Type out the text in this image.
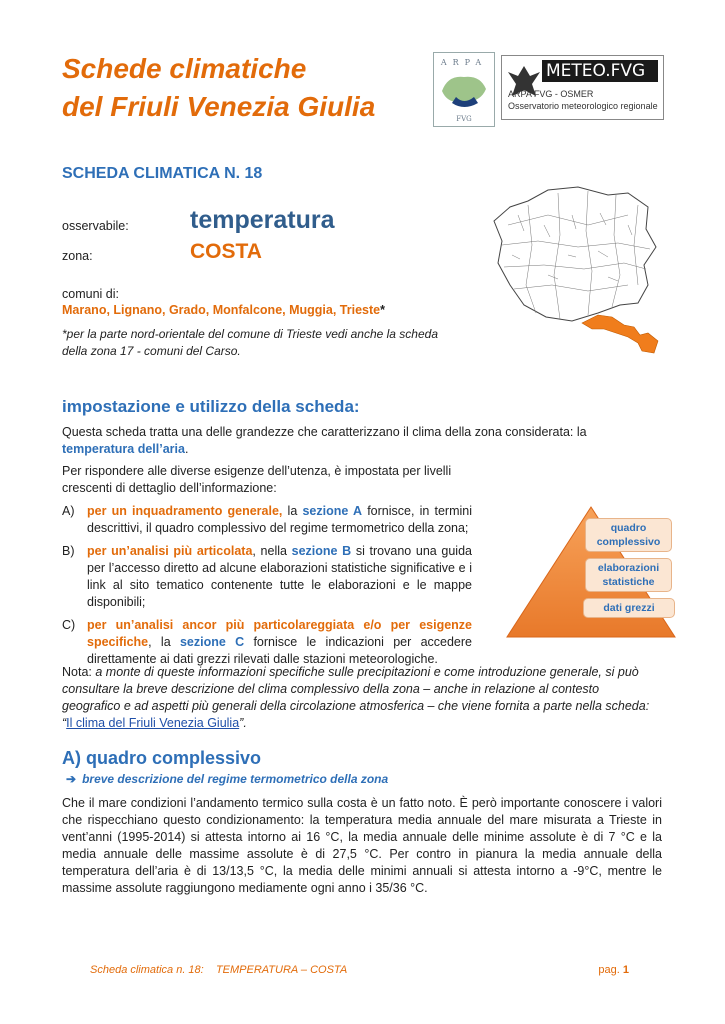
Schede climatiche
del Friuli Venezia Giulia
ARPA
FVG
METEO.FVG
ARPA FVG - OSMER
Osservatorio meteorologico regionale
SCHEDA CLIMATICA N. 18
osservabile: temperatura
zona:	COSTA
comuni di:
Marano, Lignano, Grado, Monfalcone, Muggia, Trieste*
*per la parte nord-orientale del comune di Trieste vedi anche la scheda
della zona 17 - comuni del Carso.
impostazione e utilizzo della scheda:

Questa scheda tratta una delle grandezze che caratterizzano il clima della zona considerata: la temperatura dell’aria.

Per rispondere alle diverse esigenze dell’utenza, è impostata per livelli
crescenti di dettaglio dell’informazione:

A) per un inquadramento generale, la sezione A fornisce, in termini descrittivi, il quadro complessivo del regime termometrico della zona;
B) per un’analisi più articolata, nella sezione B si trovano una guida per l’accesso diretto ad alcune elaborazioni statistiche significative e i link al sito tematico contenente tutte le elaborazioni e le mappe disponibili;
C) per un’analisi ancor più particolareggiata e/o per esigenze specifiche, la sezione C fornisce le indicazioni per accedere direttamente ai dati grezzi rilevati dalle stazioni meteorologiche.
quadro complessivo
elaborazioni statistiche
dati grezzi

Nota: a monte di queste informazioni specifiche sulle precipitazioni e come introduzione generale, si può consultare la breve descrizione del clima complessivo della zona – anche in relazione al contesto geografico e ad aspetti più generali della circolazione atmosferica – che viene fornita a parte nella scheda: “Il clima del Friuli Venezia Giulia”.

A) quadro complessivo
➔ breve descrizione del regime termometrico della zona

Che il mare condizioni l’andamento termico sulla costa è un fatto noto. È però importante conoscere i valori che rispecchiano questo condizionamento: la temperatura media annuale del mare misurata a Trieste in vent’anni (1995-2014) si attesta intorno ai 16 °C, la media annuale delle minime assolute è di 7 °C e la media annuale delle massime assolute è di 27,5 °C. Per contro in pianura la media annuale della temperatura dell’aria è di 13/13,5 °C, la media delle minimi annuali si attesta intorno a -9°C, mentre le massime assolute raggiungono mediamente ogni anno i 35/36 °C.

Scheda climatica n. 18:    TEMPERATURA – COSTA	pag. 1
